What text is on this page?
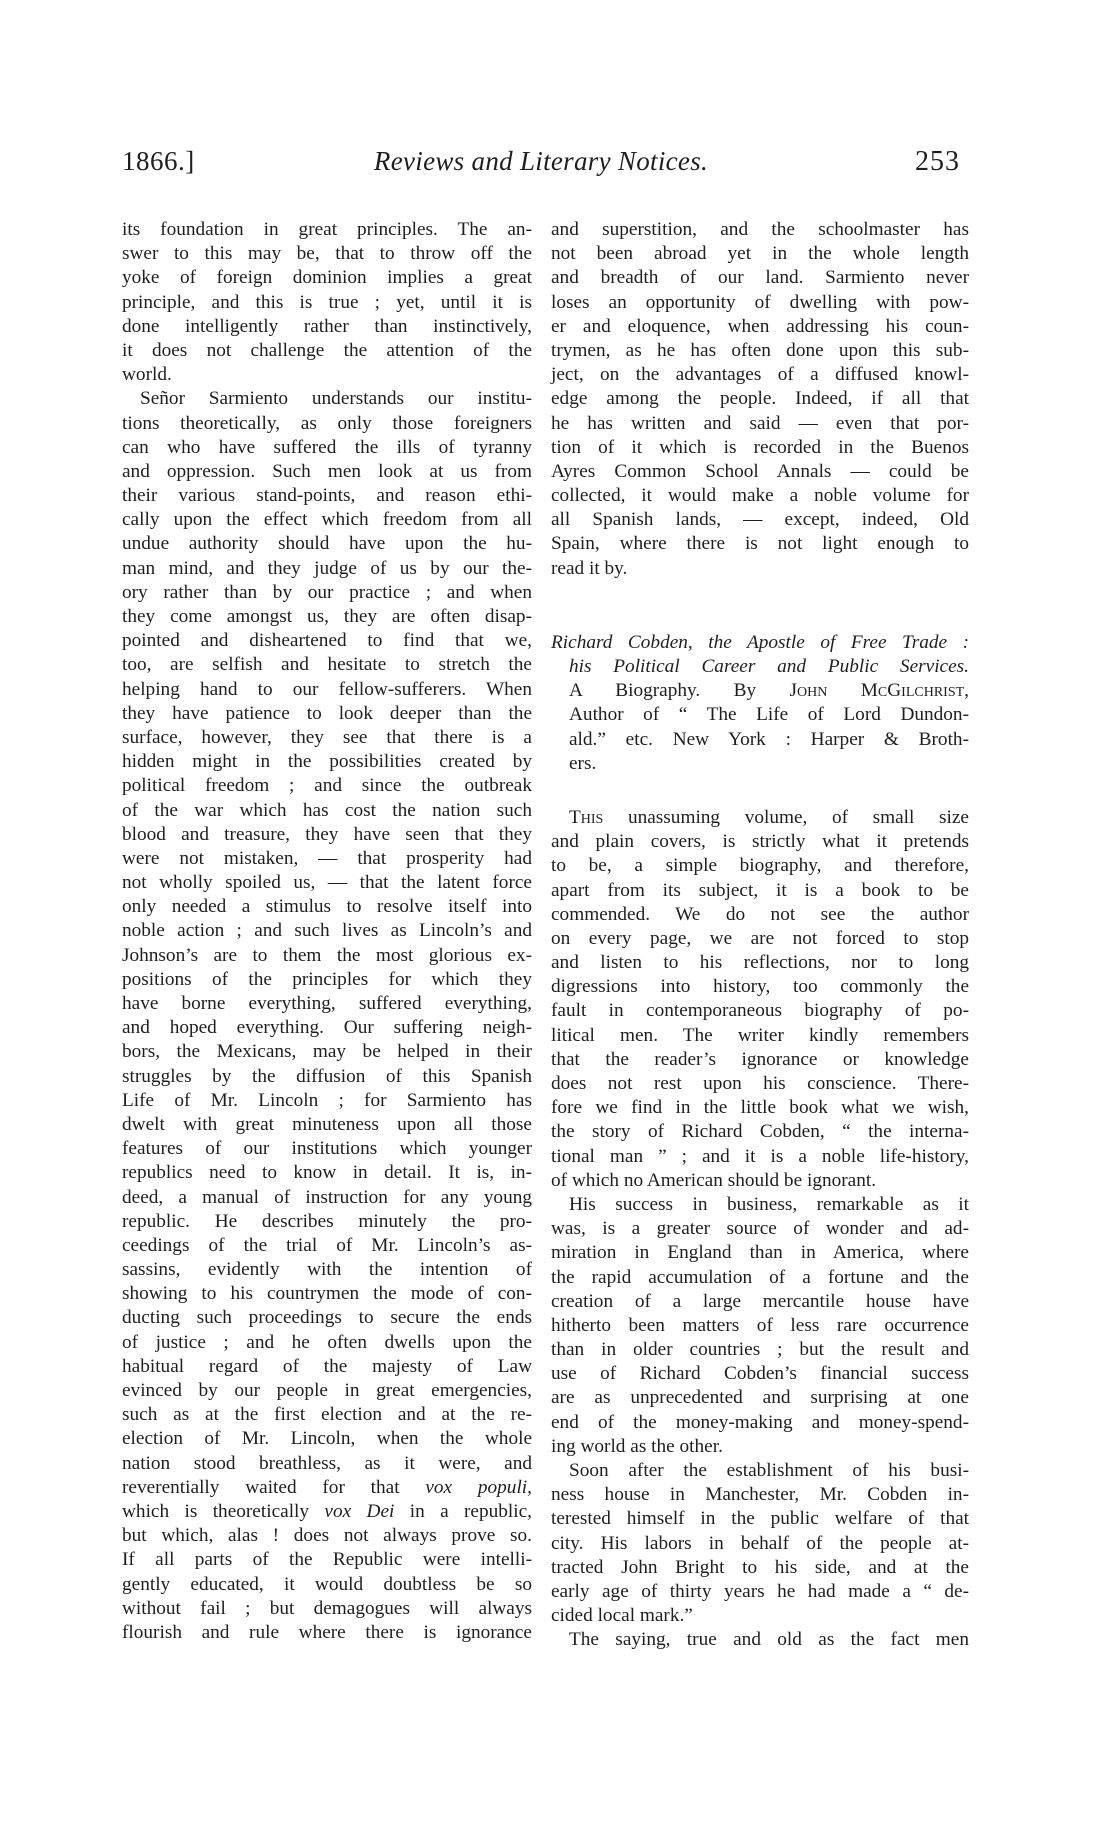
1866.]	Reviews and Literary Notices.	253
its foundation in great principles. The an-
swer to this may be, that to throw off the
yoke of foreign dominion implies a great
principle, and this is true ; yet, until it is
done intelligently rather than instinctively,
it does not challenge the attention of the
world.
Señor Sarmiento understands our institu-
tions theoretically, as only those foreigners
can who have suffered the ills of tyranny
and oppression. Such men look at us from
their various stand-points, and reason ethi-
cally upon the effect which freedom from all
undue authority should have upon the hu-
man mind, and they judge of us by our the-
ory rather than by our practice ; and when
they come amongst us, they are often disap-
pointed and disheartened to find that we,
too, are selfish and hesitate to stretch the
helping hand to our fellow-sufferers. When
they have patience to look deeper than the
surface, however, they see that there is a
hidden might in the possibilities created by
political freedom ; and since the outbreak
of the war which has cost the nation such
blood and treasure, they have seen that they
were not mistaken, — that prosperity had
not wholly spoiled us, — that the latent force
only needed a stimulus to resolve itself into
noble action ; and such lives as Lincoln’s and
Johnson’s are to them the most glorious ex-
positions of the principles for which they
have borne everything, suffered everything,
and hoped everything. Our suffering neigh-
bors, the Mexicans, may be helped in their
struggles by the diffusion of this Spanish
Life of Mr. Lincoln ; for Sarmiento has
dwelt with great minuteness upon all those
features of our institutions which younger
republics need to know in detail. It is, in-
deed, a manual of instruction for any young
republic. He describes minutely the pro-
ceedings of the trial of Mr. Lincoln’s as-
sassins, evidently with the intention of
showing to his countrymen the mode of con-
ducting such proceedings to secure the ends
of justice ; and he often dwells upon the
habitual regard of the majesty of Law
evinced by our people in great emergencies,
such as at the first election and at the re-
election of Mr. Lincoln, when the whole
nation stood breathless, as it were, and
reverentially waited for that vox populi,
which is theoretically vox Dei in a republic,
but which, alas ! does not always prove so.
If all parts of the Republic were intelli-
gently educated, it would doubtless be so
without fail ; but demagogues will always
flourish and rule where there is ignorance
and superstition, and the schoolmaster has
not been abroad yet in the whole length
and breadth of our land. Sarmiento never
loses an opportunity of dwelling with pow-
er and eloquence, when addressing his coun-
trymen, as he has often done upon this sub-
ject, on the advantages of a diffused knowl-
edge among the people. Indeed, if all that
he has written and said — even that por-
tion of it which is recorded in the Buenos
Ayres Common School Annals — could be
collected, it would make a noble volume for
all Spanish lands, — except, indeed, Old
Spain, where there is not light enough to
read it by.
Richard Cobden, the Apostle of Free Trade :
his Political Career and Public Services.
A Biography. By John McGilchrist,
Author of “ The Life of Lord Dundon-
ald.” etc. New York : Harper & Broth-
ers.
This unassuming volume, of small size
and plain covers, is strictly what it pretends
to be, a simple biography, and therefore,
apart from its subject, it is a book to be
commended. We do not see the author
on every page, we are not forced to stop
and listen to his reflections, nor to long
digressions into history, too commonly the
fault in contemporaneous biography of po-
litical men. The writer kindly remembers
that the reader’s ignorance or knowledge
does not rest upon his conscience. There-
fore we find in the little book what we wish,
the story of Richard Cobden, “ the interna-
tional man ” ; and it is a noble life-history,
of which no American should be ignorant.
His success in business, remarkable as it
was, is a greater source of wonder and ad-
miration in England than in America, where
the rapid accumulation of a fortune and the
creation of a large mercantile house have
hitherto been matters of less rare occurrence
than in older countries ; but the result and
use of Richard Cobden’s financial success
are as unprecedented and surprising at one
end of the money-making and money-spend-
ing world as the other.
Soon after the establishment of his busi-
ness house in Manchester, Mr. Cobden in-
terested himself in the public welfare of that
city. His labors in behalf of the people at-
tracted John Bright to his side, and at the
early age of thirty years he had made a “ de-
cided local mark.”
The saying, true and old as the fact men
